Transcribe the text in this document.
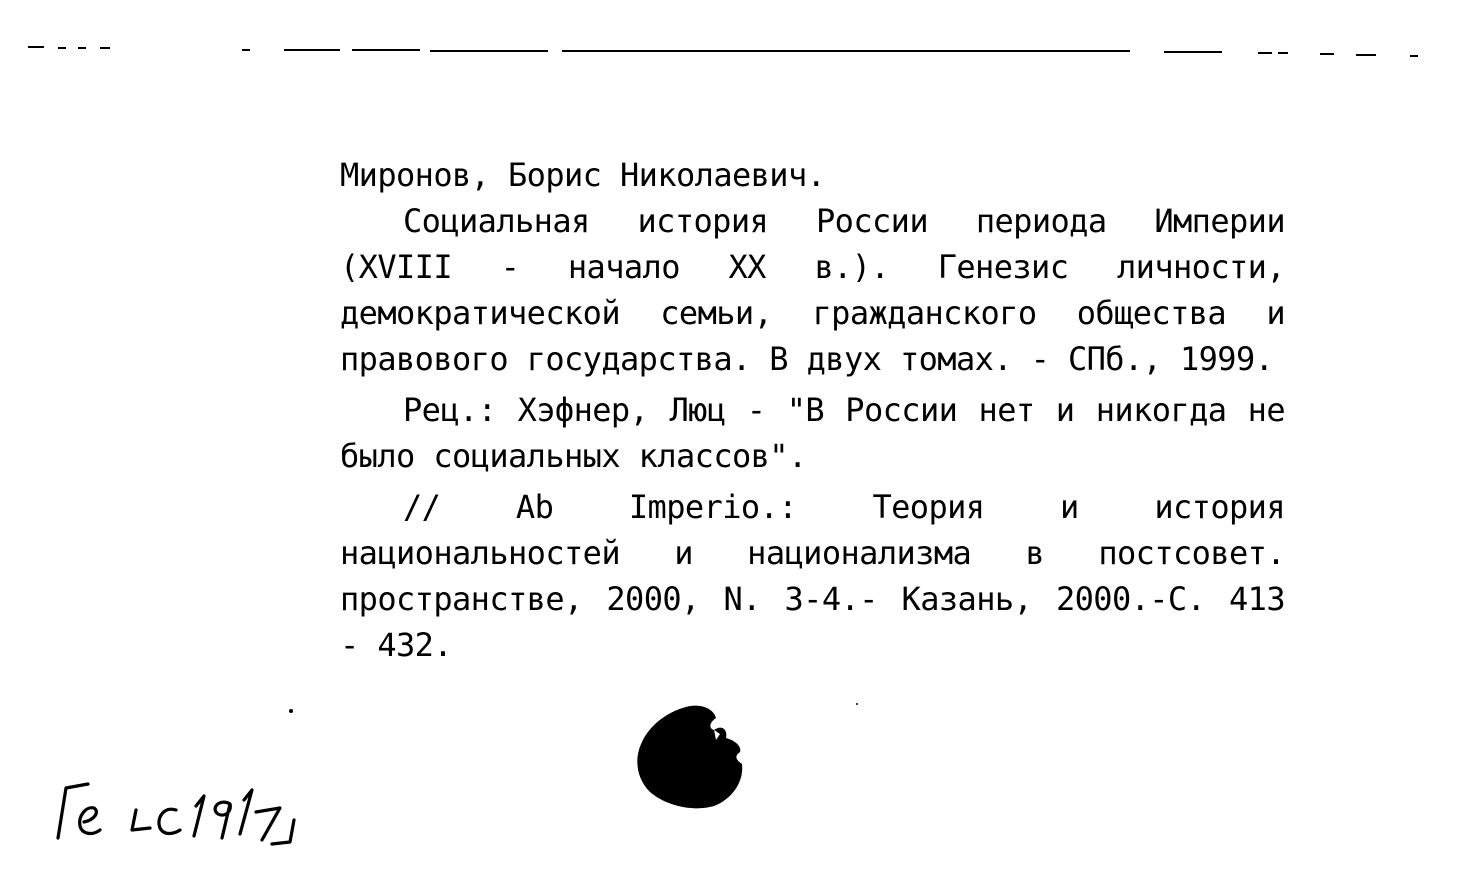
Миронов, Борис Николаевич.

Социальная история России периода Империи (XVIII - начало XX в.). Генезис личности, демократической семьи, гражданского общества и правового государства. В двух томах. - СПб., 1999.

Рец.: Хэфнер, Люц - "В России нет и никогда не было социальных классов".

// Ab Imperio.: Теория и история национальностей и национализма в постсовет. пространстве, 2000, N. 3-4.- Казань, 2000.-С. 413 - 432.
